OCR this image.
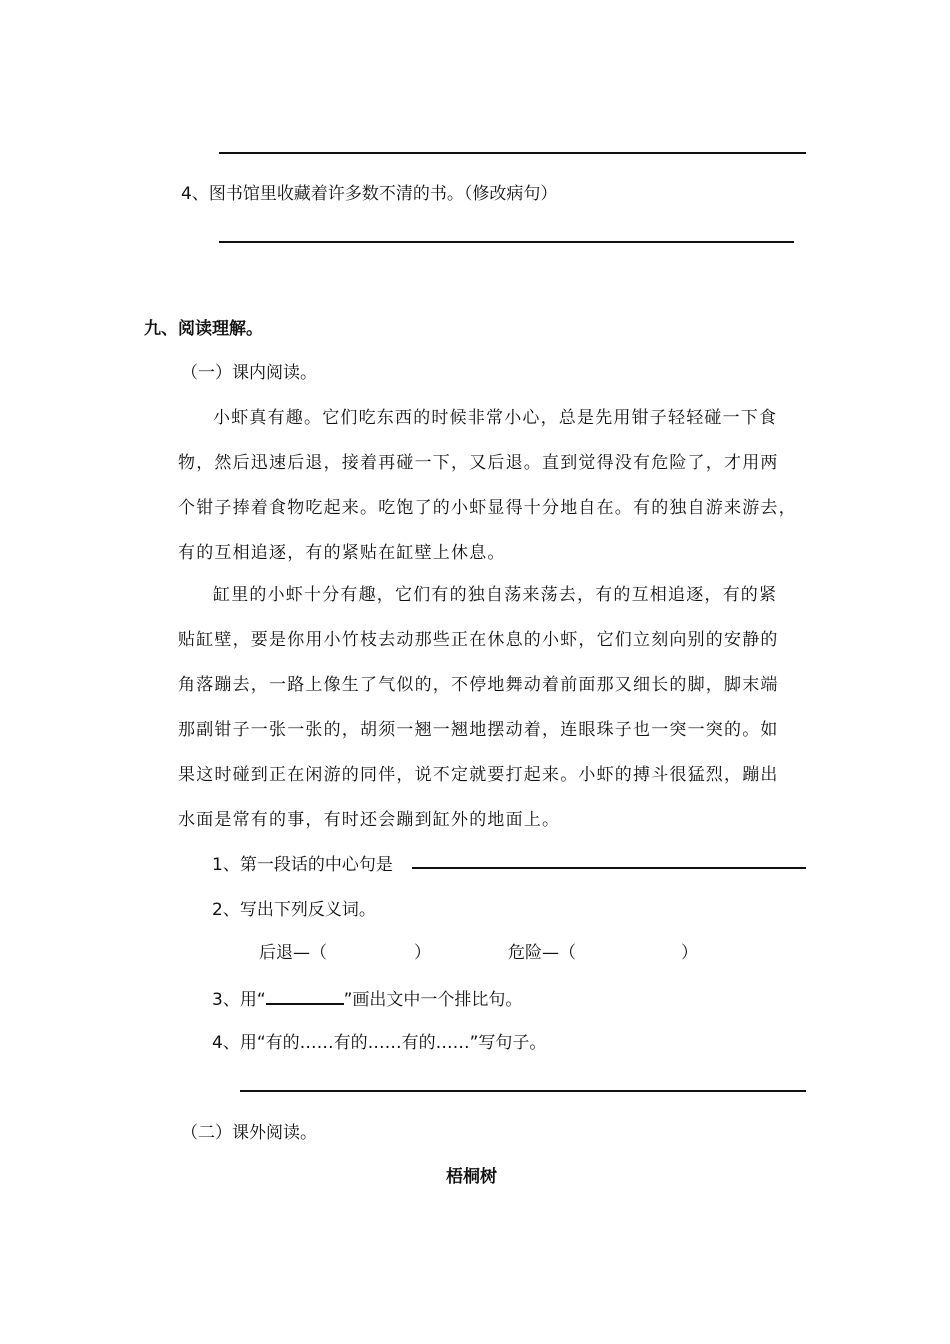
4、图书馆里收藏着许多数不清的书。（修改病句）
九、阅读理解。
（一）课内阅读。
小虾真有趣。它们吃东西的时候非常小心，总是先用钳子轻轻碰一下食
物，然后迅速后退，接着再碰一下，又后退。直到觉得没有危险了，才用两
个钳子捧着食物吃起来。吃饱了的小虾显得十分地自在。有的独自游来游去，
有的互相追逐，有的紧贴在缸壁上休息。
缸里的小虾十分有趣，它们有的独自荡来荡去，有的互相追逐，有的紧
贴缸壁，要是你用小竹枝去动那些正在休息的小虾，它们立刻向别的安静的
角落蹦去，一路上像生了气似的，不停地舞动着前面那又细长的脚，脚末端
那副钳子一张一张的，胡须一翘一翘地摆动着，连眼珠子也一突一突的。如
果这时碰到正在闲游的同伴，说不定就要打起来。小虾的搏斗很猛烈，蹦出
水面是常有的事，有时还会蹦到缸外的地面上。
1、第一段话的中心句是
2、写出下列反义词。
后退—（	）	危险—（	）
3、用“	”画出文中一个排比句。
4、用“有的……有的……有的……”写句子。
（二）课外阅读。
梧桐树
